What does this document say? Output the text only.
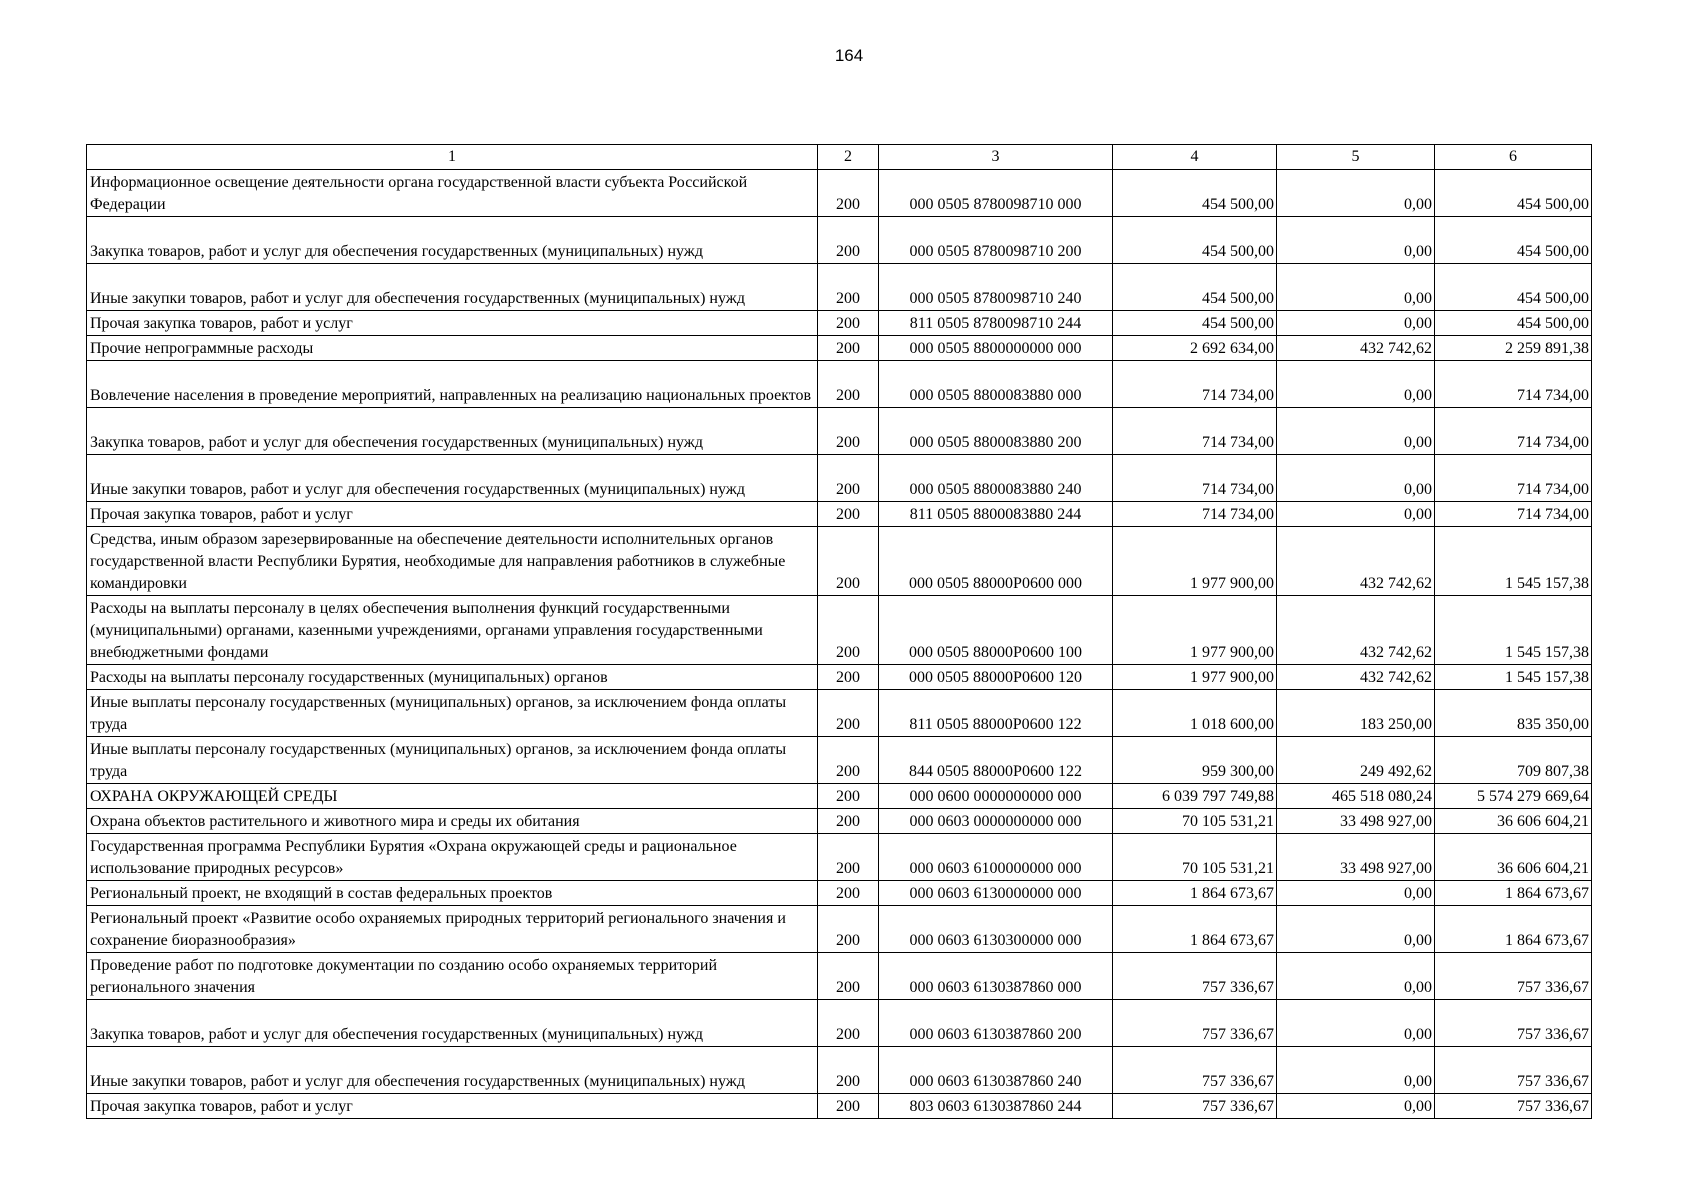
164
1	2	3	4	5	6
Информационное освещение деятельности органа государственной власти субъекта Российской Федерации	200	000 0505 8780098710 000	454 500,00	0,00	454 500,00
Закупка товаров, работ и услуг для обеспечения государственных (муниципальных) нужд	200	000 0505 8780098710 200	454 500,00	0,00	454 500,00
Иные закупки товаров, работ и услуг для обеспечения государственных (муниципальных) нужд	200	000 0505 8780098710 240	454 500,00	0,00	454 500,00
Прочая закупка товаров, работ и услуг	200	811 0505 8780098710 244	454 500,00	0,00	454 500,00
Прочие непрограммные расходы	200	000 0505 8800000000 000	2 692 634,00	432 742,62	2 259 891,38
Вовлечение населения в проведение мероприятий, направленных на реализацию национальных проектов	200	000 0505 8800083880 000	714 734,00	0,00	714 734,00
Закупка товаров, работ и услуг для обеспечения государственных (муниципальных) нужд	200	000 0505 8800083880 200	714 734,00	0,00	714 734,00
Иные закупки товаров, работ и услуг для обеспечения государственных (муниципальных) нужд	200	000 0505 8800083880 240	714 734,00	0,00	714 734,00
Прочая закупка товаров, работ и услуг	200	811 0505 8800083880 244	714 734,00	0,00	714 734,00
Средства, иным образом зарезервированные на обеспечение деятельности исполнительных органов государственной власти Республики Бурятия, необходимые для направления работников в служебные командировки	200	000 0505 88000P0600 000	1 977 900,00	432 742,62	1 545 157,38
Расходы на выплаты персоналу в целях обеспечения выполнения функций государственными (муниципальными) органами, казенными учреждениями, органами управления государственными внебюджетными фондами	200	000 0505 88000P0600 100	1 977 900,00	432 742,62	1 545 157,38
Расходы на выплаты персоналу государственных (муниципальных) органов	200	000 0505 88000P0600 120	1 977 900,00	432 742,62	1 545 157,38
Иные выплаты персоналу государственных (муниципальных) органов, за исключением фонда оплаты труда	200	811 0505 88000P0600 122	1 018 600,00	183 250,00	835 350,00
Иные выплаты персоналу государственных (муниципальных) органов, за исключением фонда оплаты труда	200	844 0505 88000P0600 122	959 300,00	249 492,62	709 807,38
ОХРАНА ОКРУЖАЮЩЕЙ СРЕДЫ	200	000 0600 0000000000 000	6 039 797 749,88	465 518 080,24	5 574 279 669,64
Охрана объектов растительного и животного мира и среды их обитания	200	000 0603 0000000000 000	70 105 531,21	33 498 927,00	36 606 604,21
Государственная программа Республики Бурятия «Охрана окружающей среды и рациональное использование природных ресурсов»	200	000 0603 6100000000 000	70 105 531,21	33 498 927,00	36 606 604,21
Региональный проект, не входящий в состав федеральных проектов	200	000 0603 6130000000 000	1 864 673,67	0,00	1 864 673,67
Региональный проект «Развитие особо охраняемых природных территорий регионального значения и сохранение биоразнообразия»	200	000 0603 6130300000 000	1 864 673,67	0,00	1 864 673,67
Проведение работ по подготовке документации по созданию особо охраняемых территорий регионального значения	200	000 0603 6130387860 000	757 336,67	0,00	757 336,67
Закупка товаров, работ и услуг для обеспечения государственных (муниципальных) нужд	200	000 0603 6130387860 200	757 336,67	0,00	757 336,67
Иные закупки товаров, работ и услуг для обеспечения государственных (муниципальных) нужд	200	000 0603 6130387860 240	757 336,67	0,00	757 336,67
Прочая закупка товаров, работ и услуг	200	803 0603 6130387860 244	757 336,67	0,00	757 336,67
